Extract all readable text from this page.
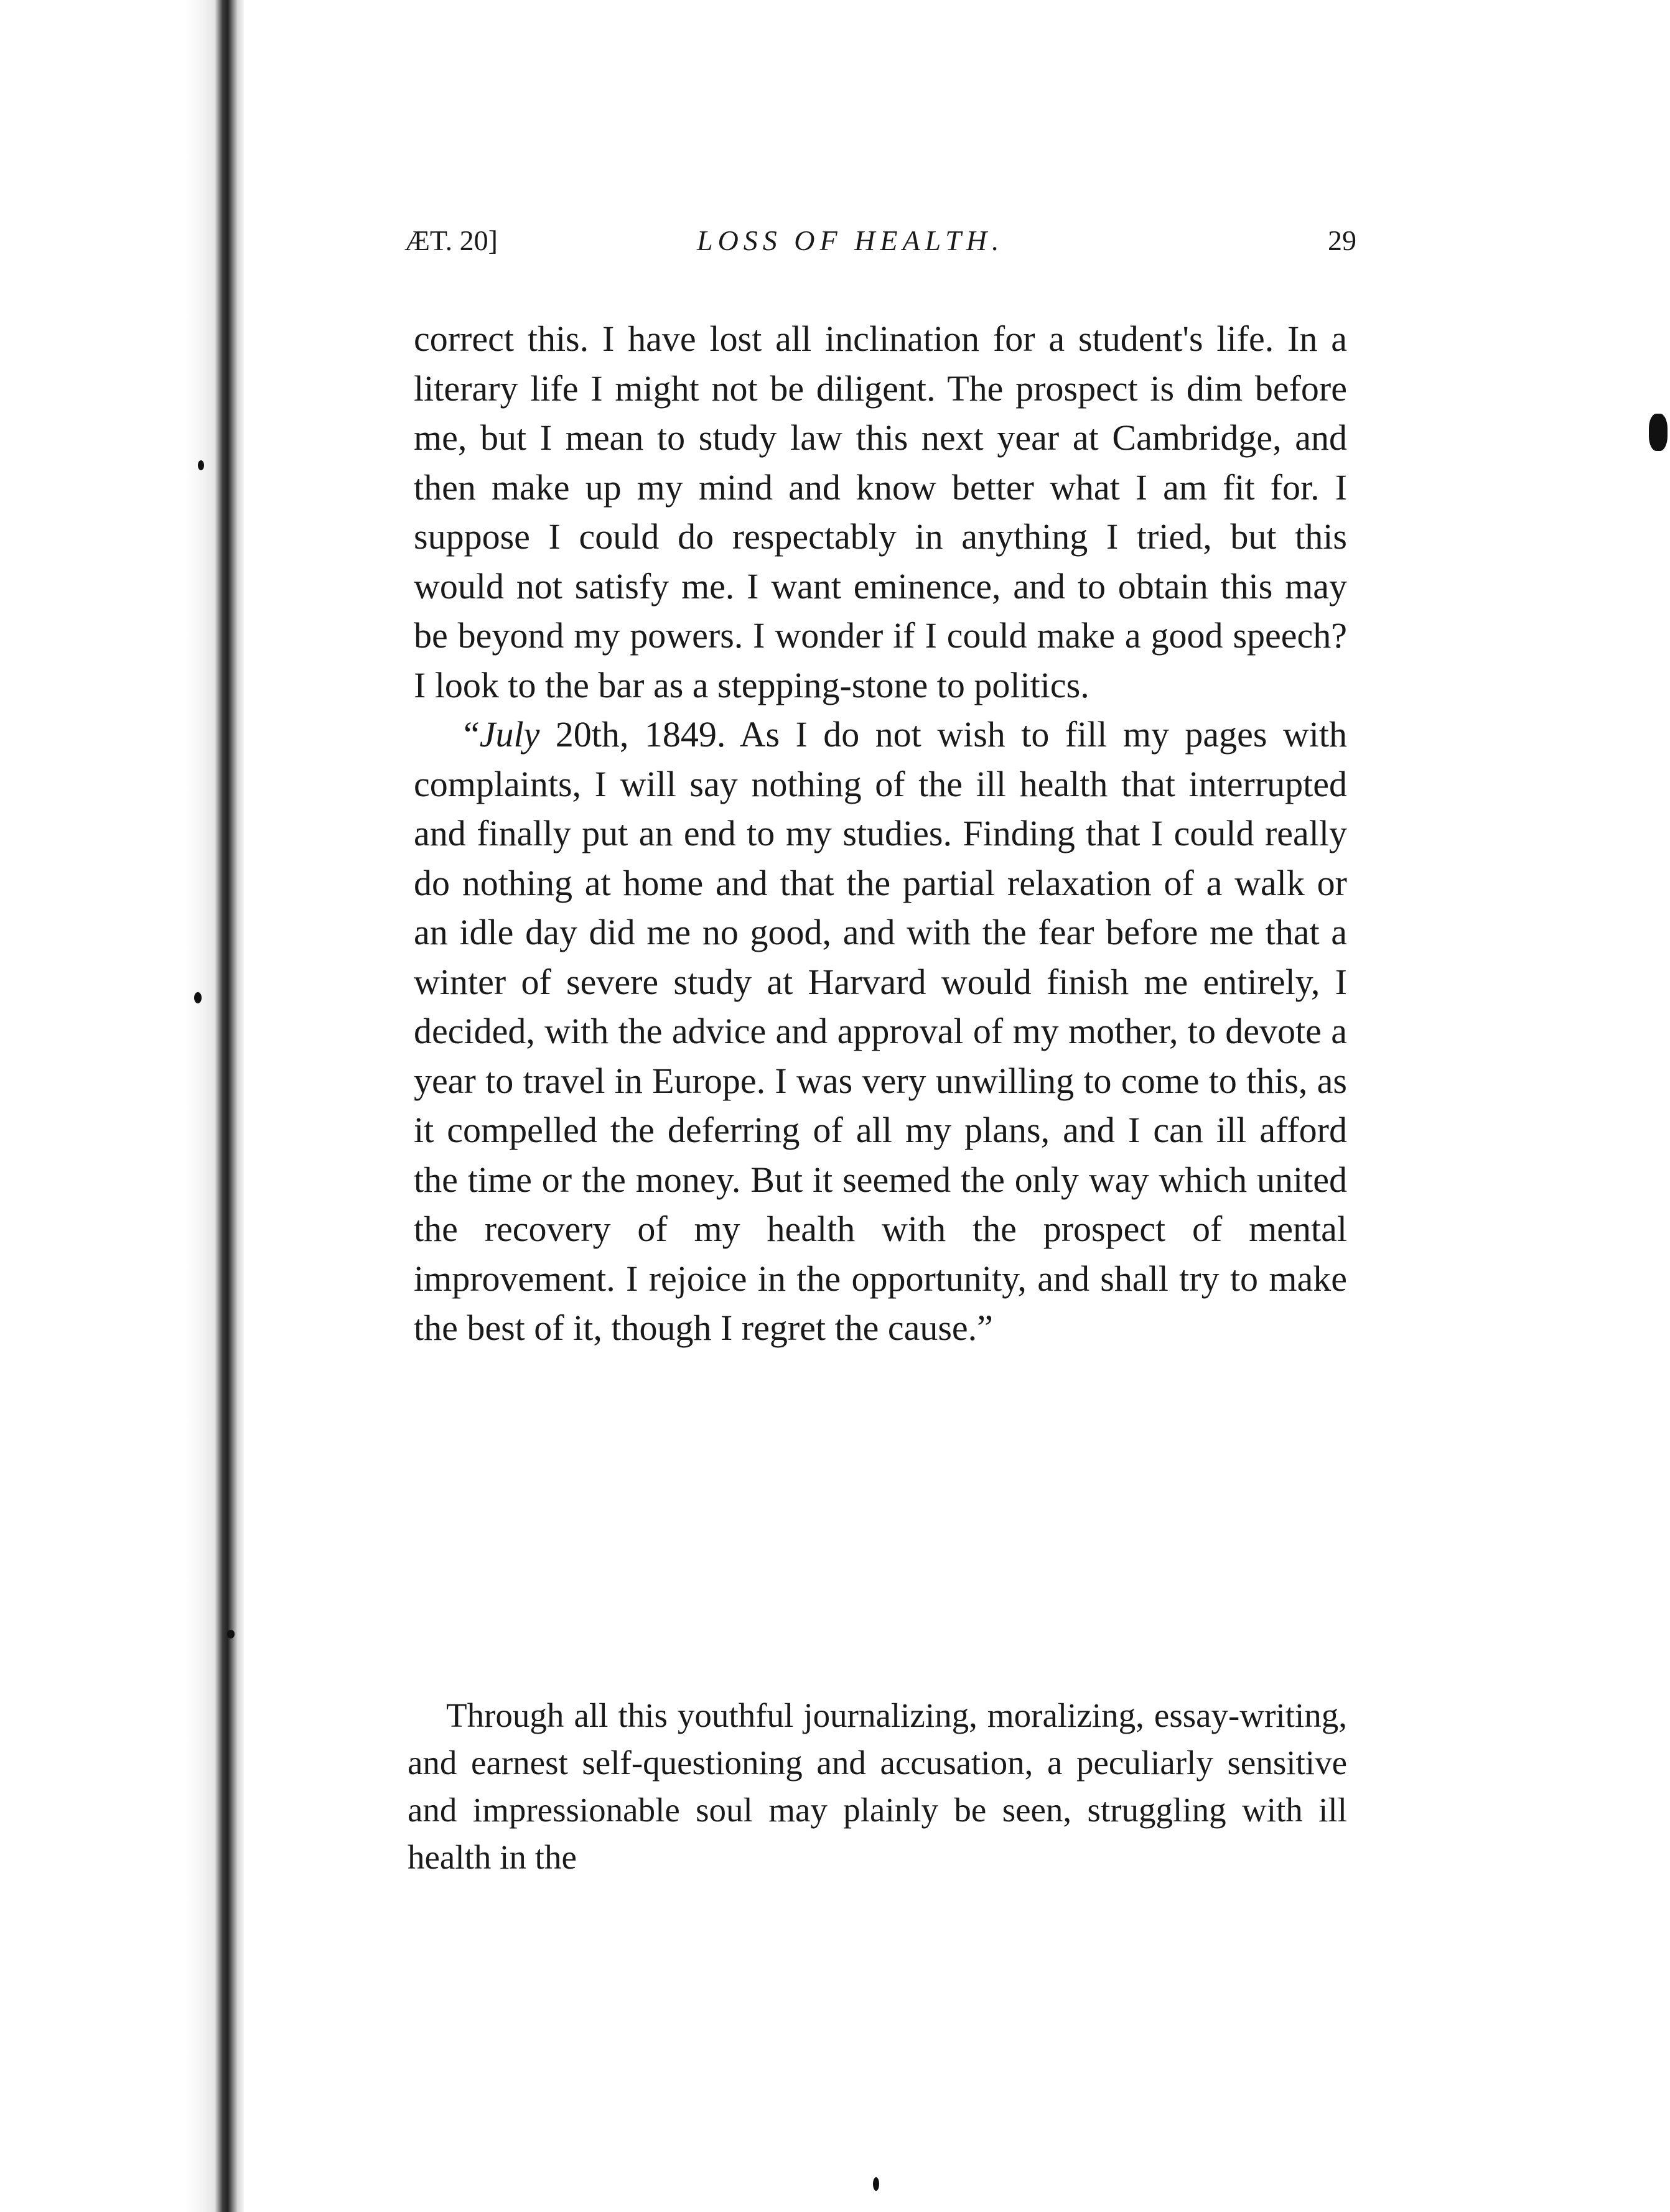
ÆT. 20]	LOSS OF HEALTH.	29

correct this. I have lost all inclination for a student's life. In a literary life I might not be diligent. The prospect is dim before me, but I mean to study law this next year at Cambridge, and then make up my mind and know better what I am fit for. I suppose I could do respectably in anything I tried, but this would not satisfy me. I want eminence, and to obtain this may be beyond my powers. I wonder if I could make a good speech? I look to the bar as a stepping-stone to politics.

“July 20th, 1849. As I do not wish to fill my pages with complaints, I will say nothing of the ill health that interrupted and finally put an end to my studies. Finding that I could really do nothing at home and that the partial relaxation of a walk or an idle day did me no good, and with the fear before me that a winter of severe study at Harvard would finish me entirely, I decided, with the advice and approval of my mother, to devote a year to travel in Europe. I was very unwilling to come to this, as it compelled the deferring of all my plans, and I can ill afford the time or the money. But it seemed the only way which united the recovery of my health with the prospect of mental improvement. I rejoice in the opportunity, and shall try to make the best of it, though I regret the cause.”

Through all this youthful journalizing, moralizing, essay-writing, and earnest self-questioning and accusation, a peculiarly sensitive and impressionable soul may plainly be seen, struggling with ill health in the
